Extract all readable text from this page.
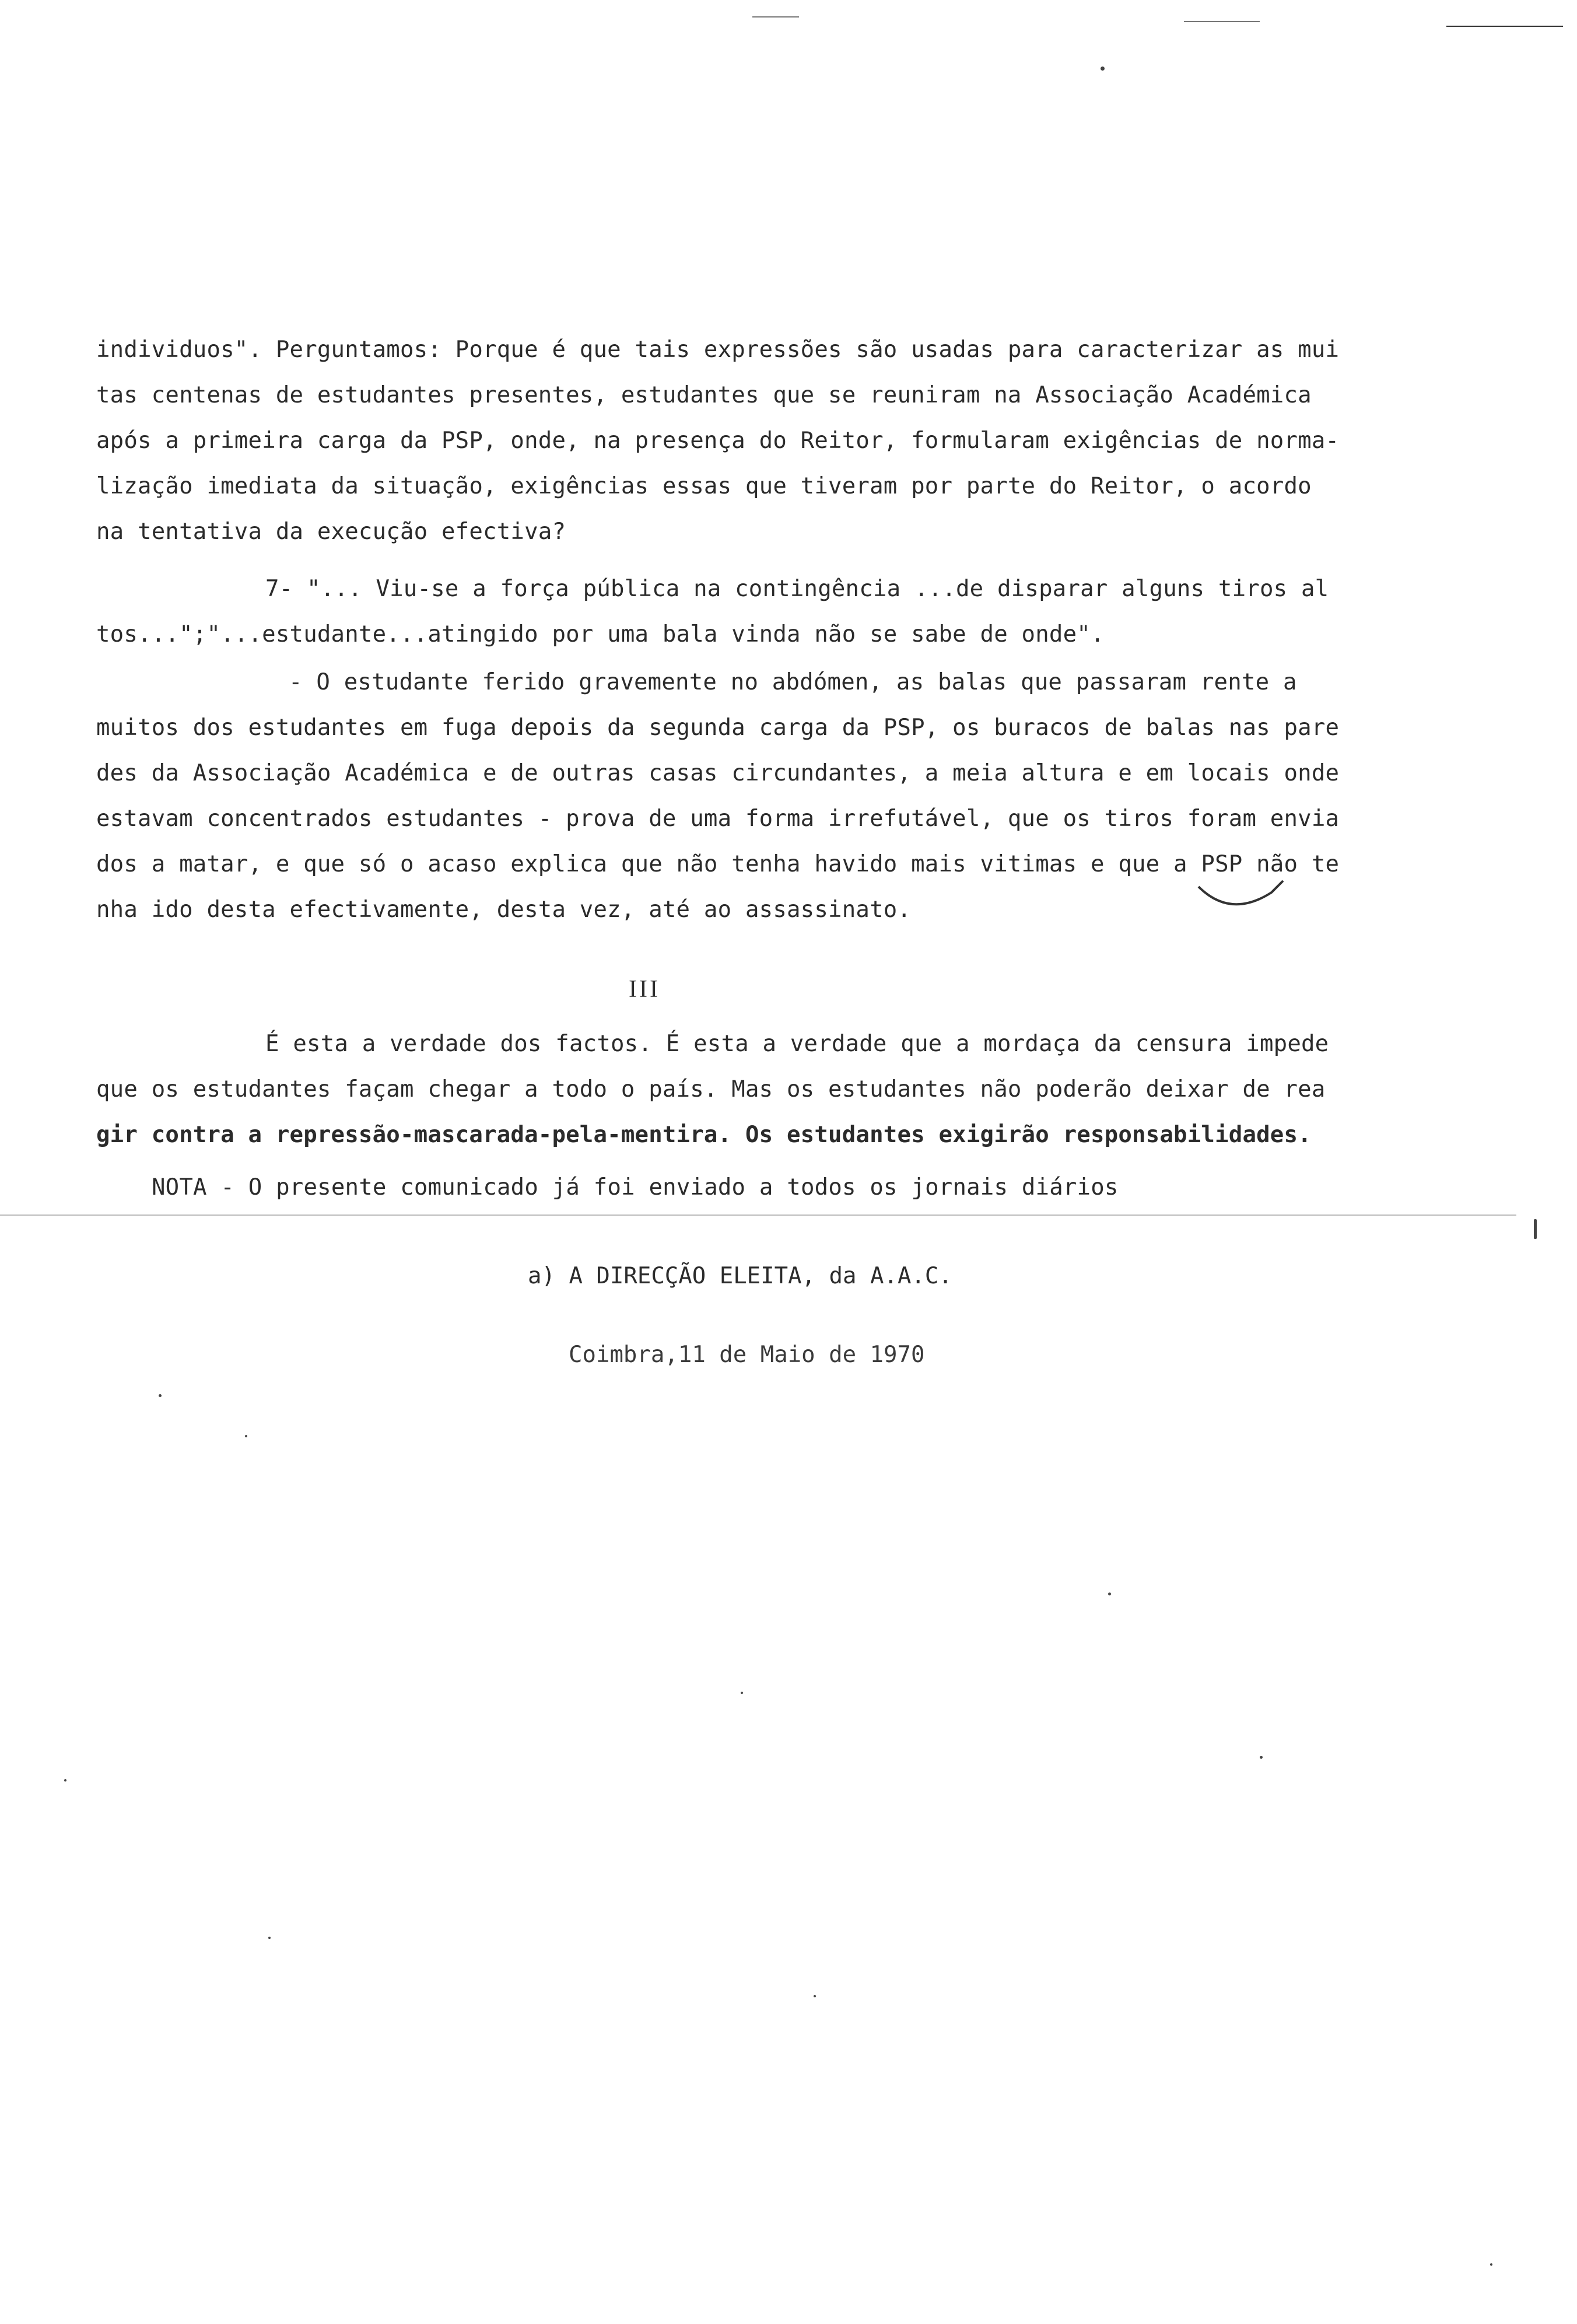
individuos". Perguntamos: Porque é que tais expressões são usadas para caracterizar as mui
tas centenas de estudantes presentes, estudantes que se reuniram na Associação Académica
após a primeira carga da PSP, onde, na presença do Reitor, formularam exigências de norma-
lização imediata da situação, exigências essas que tiveram por parte do Reitor, o acordo
na tentativa da execução efectiva?
7- "... Viu-se a força pública na contingência ...de disparar alguns tiros al
tos...";"...estudante...atingido por uma bala vinda não se sabe de onde".
- O estudante ferido gravemente no abdómen, as balas que passaram rente a
muitos dos estudantes em fuga depois da segunda carga da PSP, os buracos de balas nas pare
des da Associação Académica e de outras casas circundantes, a meia altura e em locais onde
estavam concentrados estudantes - prova de uma forma irrefutável, que os tiros foram envia
dos a matar, e que só o acaso explica que não tenha havido mais vitimas e que a PSP não te
nha ido desta efectivamente, desta vez, até ao assassinato.
III
É esta a verdade dos factos. É esta a verdade que a mordaça da censura impede
que os estudantes façam chegar a todo o país. Mas os estudantes não poderão deixar de rea
gir contra a repressão-mascarada-pela-mentira. Os estudantes exigirão responsabilidades.
NOTA - O presente comunicado já foi enviado a todos os jornais diários
a) A DIRECÇÃO ELEITA, da A.A.C.
Coimbra,11 de Maio de 1970
